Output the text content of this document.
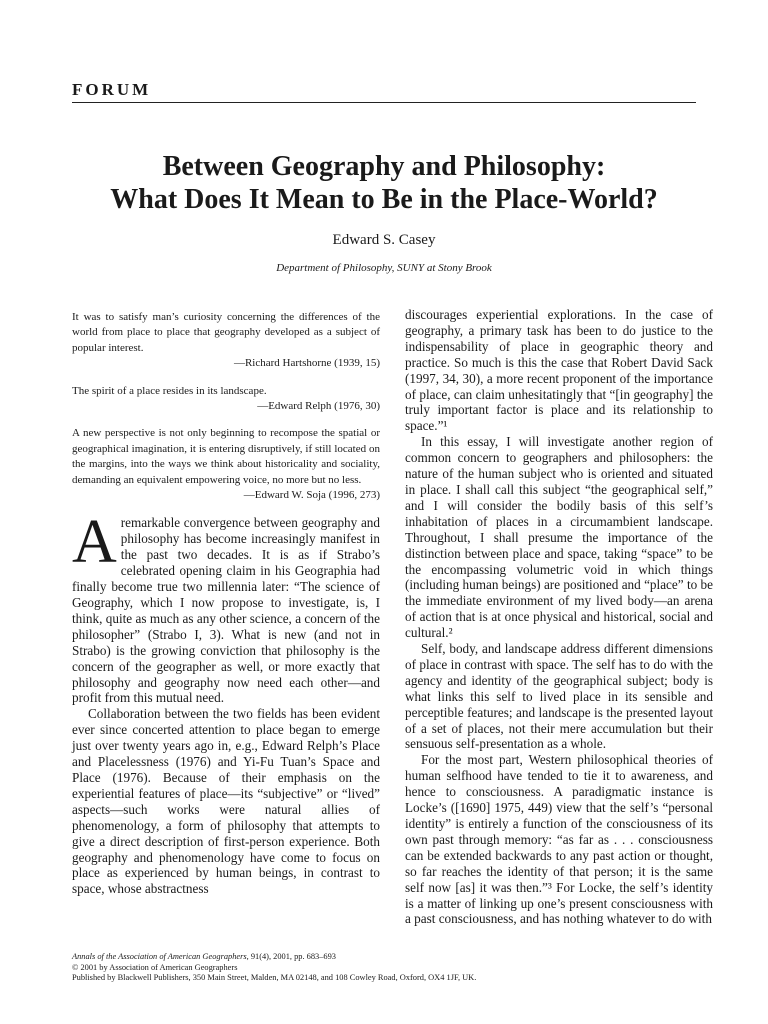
FORUM
Between Geography and Philosophy:
What Does It Mean to Be in the Place-World?
Edward S. Casey
Department of Philosophy, SUNY at Stony Brook

It was to satisfy man’s curiosity concerning the differences of the world from place to place that geography developed as a subject of popular interest.

—Richard Hartshorne (1939, 15)

The spirit of a place resides in its landscape.

—Edward Relph (1976, 30)

A new perspective is not only beginning to recompose the spatial or geographical imagination, it is entering disruptively, if still located on the margins, into the ways we think about historicality and sociality, demanding an equivalent empowering voice, no more but no less.

—Edward W. Soja (1996, 273)

A remarkable convergence between geography and philosophy has become increasingly manifest in the past two decades. It is as if Strabo’s celebrated opening claim in his Geographia had finally become true two millennia later: “The science of Geography, which I now propose to investigate, is, I think, quite as much as any other science, a concern of the philosopher” (Strabo I, 3). What is new (and not in Strabo) is the growing conviction that philosophy is the concern of the geographer as well, or more exactly that philosophy and geography now need each other—and profit from this mutual need.

Collaboration between the two fields has been evident ever since concerted attention to place began to emerge just over twenty years ago in, e.g., Edward Relph’s Place and Placelessness (1976) and Yi-Fu Tuan’s Space and Place (1976). Because of their emphasis on the experiential features of place—its “subjective” or “lived” aspects—such works were natural allies of phenomenology, a form of philosophy that attempts to give a direct description of first-person experience. Both geography and phenomenology have come to focus on place as experienced by human beings, in contrast to space, whose abstractness

discourages experiential explorations. In the case of geography, a primary task has been to do justice to the indispensability of place in geographic theory and practice. So much is this the case that Robert David Sack (1997, 34, 30), a more recent proponent of the importance of place, can claim unhesitatingly that “[in geography] the truly important factor is place and its relationship to space.”¹

In this essay, I will investigate another region of common concern to geographers and philosophers: the nature of the human subject who is oriented and situated in place. I shall call this subject “the geographical self,” and I will consider the bodily basis of this self’s inhabitation of places in a circumambient landscape. Throughout, I shall presume the importance of the distinction between place and space, taking “space” to be the encompassing volumetric void in which things (including human beings) are positioned and “place” to be the immediate environment of my lived body—an arena of action that is at once physical and historical, social and cultural.²

Self, body, and landscape address different dimensions of place in contrast with space. The self has to do with the agency and identity of the geographical subject; body is what links this self to lived place in its sensible and perceptible features; and landscape is the presented layout of a set of places, not their mere accumulation but their sensuous self-presentation as a whole.

For the most part, Western philosophical theories of human selfhood have tended to tie it to awareness, and hence to consciousness. A paradigmatic instance is Locke’s ([1690] 1975, 449) view that the self’s “personal identity” is entirely a function of the consciousness of its own past through memory: “as far as . . . consciousness can be extended backwards to any past action or thought, so far reaches the identity of that person; it is the same self now [as] it was then.”³ For Locke, the self’s identity is a matter of linking up one’s present consciousness with a past consciousness, and has nothing whatever to do with

Annals of the Association of American Geographers, 91(4), 2001, pp. 683–693
© 2001 by Association of American Geographers
Published by Blackwell Publishers, 350 Main Street, Malden, MA 02148, and 108 Cowley Road, Oxford, OX4 1JF, UK.
